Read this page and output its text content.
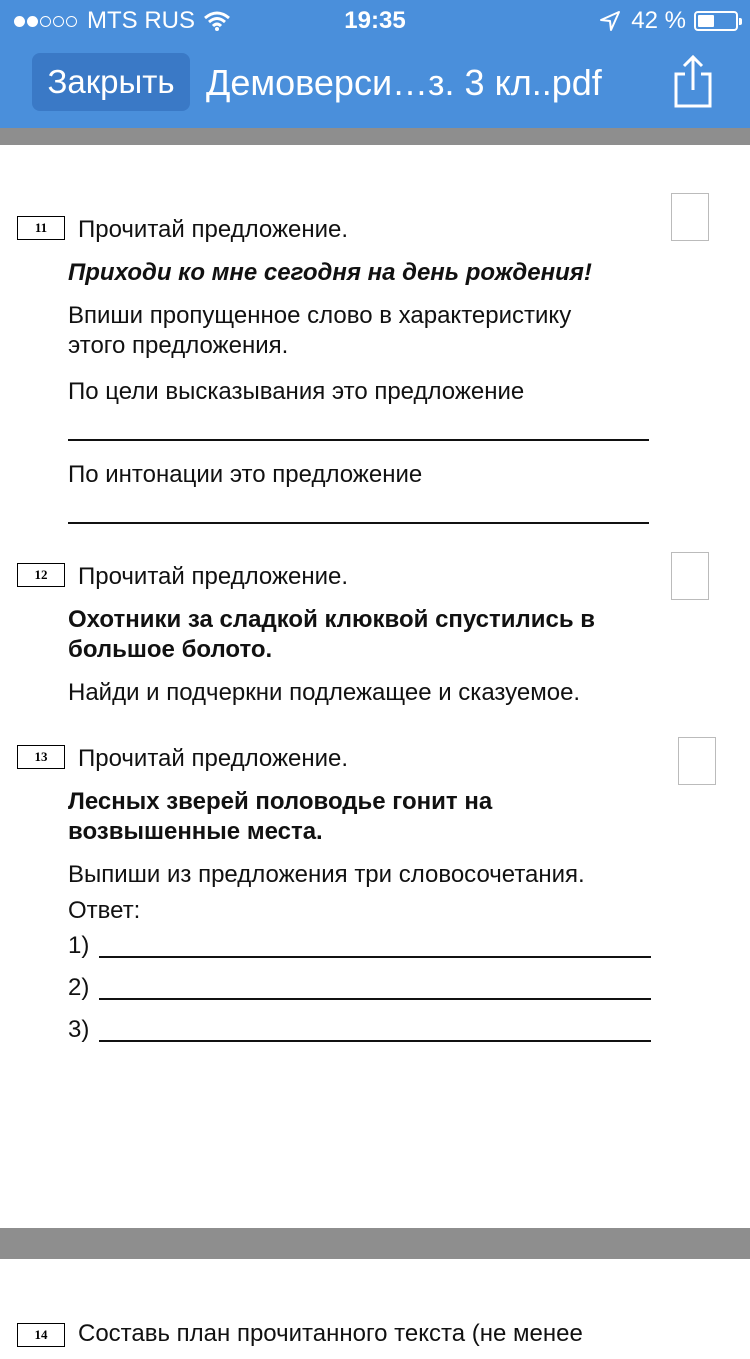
MTS RUS	19:35	42 %
Закрыть Демоверси…з. 3 кл..pdf
11	Прочитай предложение.
Приходи ко мне сегодня на день рождения!
Впиши пропущенное слово в характеристику
этого предложения.
По цели высказывания это предложение
По интонации это предложение
12	Прочитай предложение.
Охотники за сладкой клюквой спустились в
большое болото.
Найди и подчеркни подлежащее и сказуемое.
13	Прочитай предложение.
Лесных зверей половодье гонит на
возвышенные места.
Выпиши из предложения три словосочетания.
Ответ:
1)
2)
3)
14	Составь план прочитанного текста (не менее
